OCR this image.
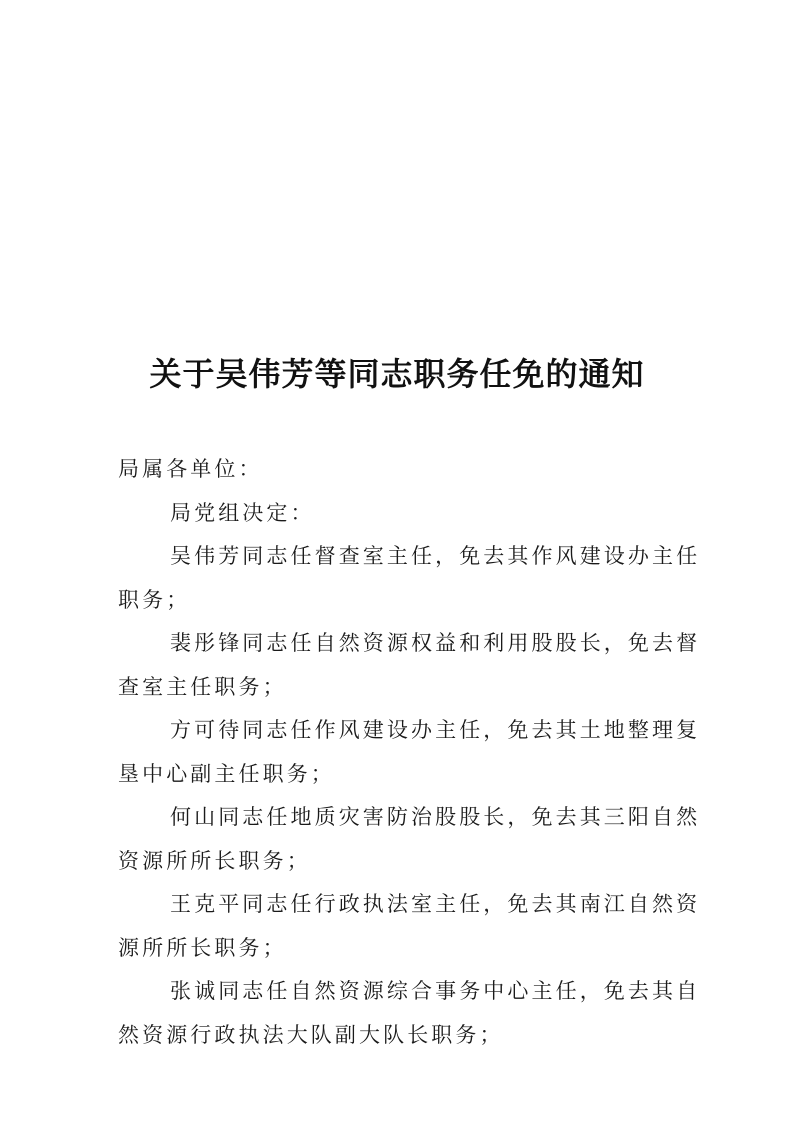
关于吴伟芳等同志职务任免的通知

局属各单位：

局党组决定：

吴伟芳同志任督查室主任，免去其作风建设办主任职务；

裴彤锋同志任自然资源权益和利用股股长，免去督查室主任职务；

方可待同志任作风建设办主任，免去其土地整理复垦中心副主任职务；

何山同志任地质灾害防治股股长，免去其三阳自然资源所所长职务；

王克平同志任行政执法室主任，免去其南江自然资源所所长职务；

张诚同志任自然资源综合事务中心主任，免去其自然资源行政执法大队副大队长职务；
